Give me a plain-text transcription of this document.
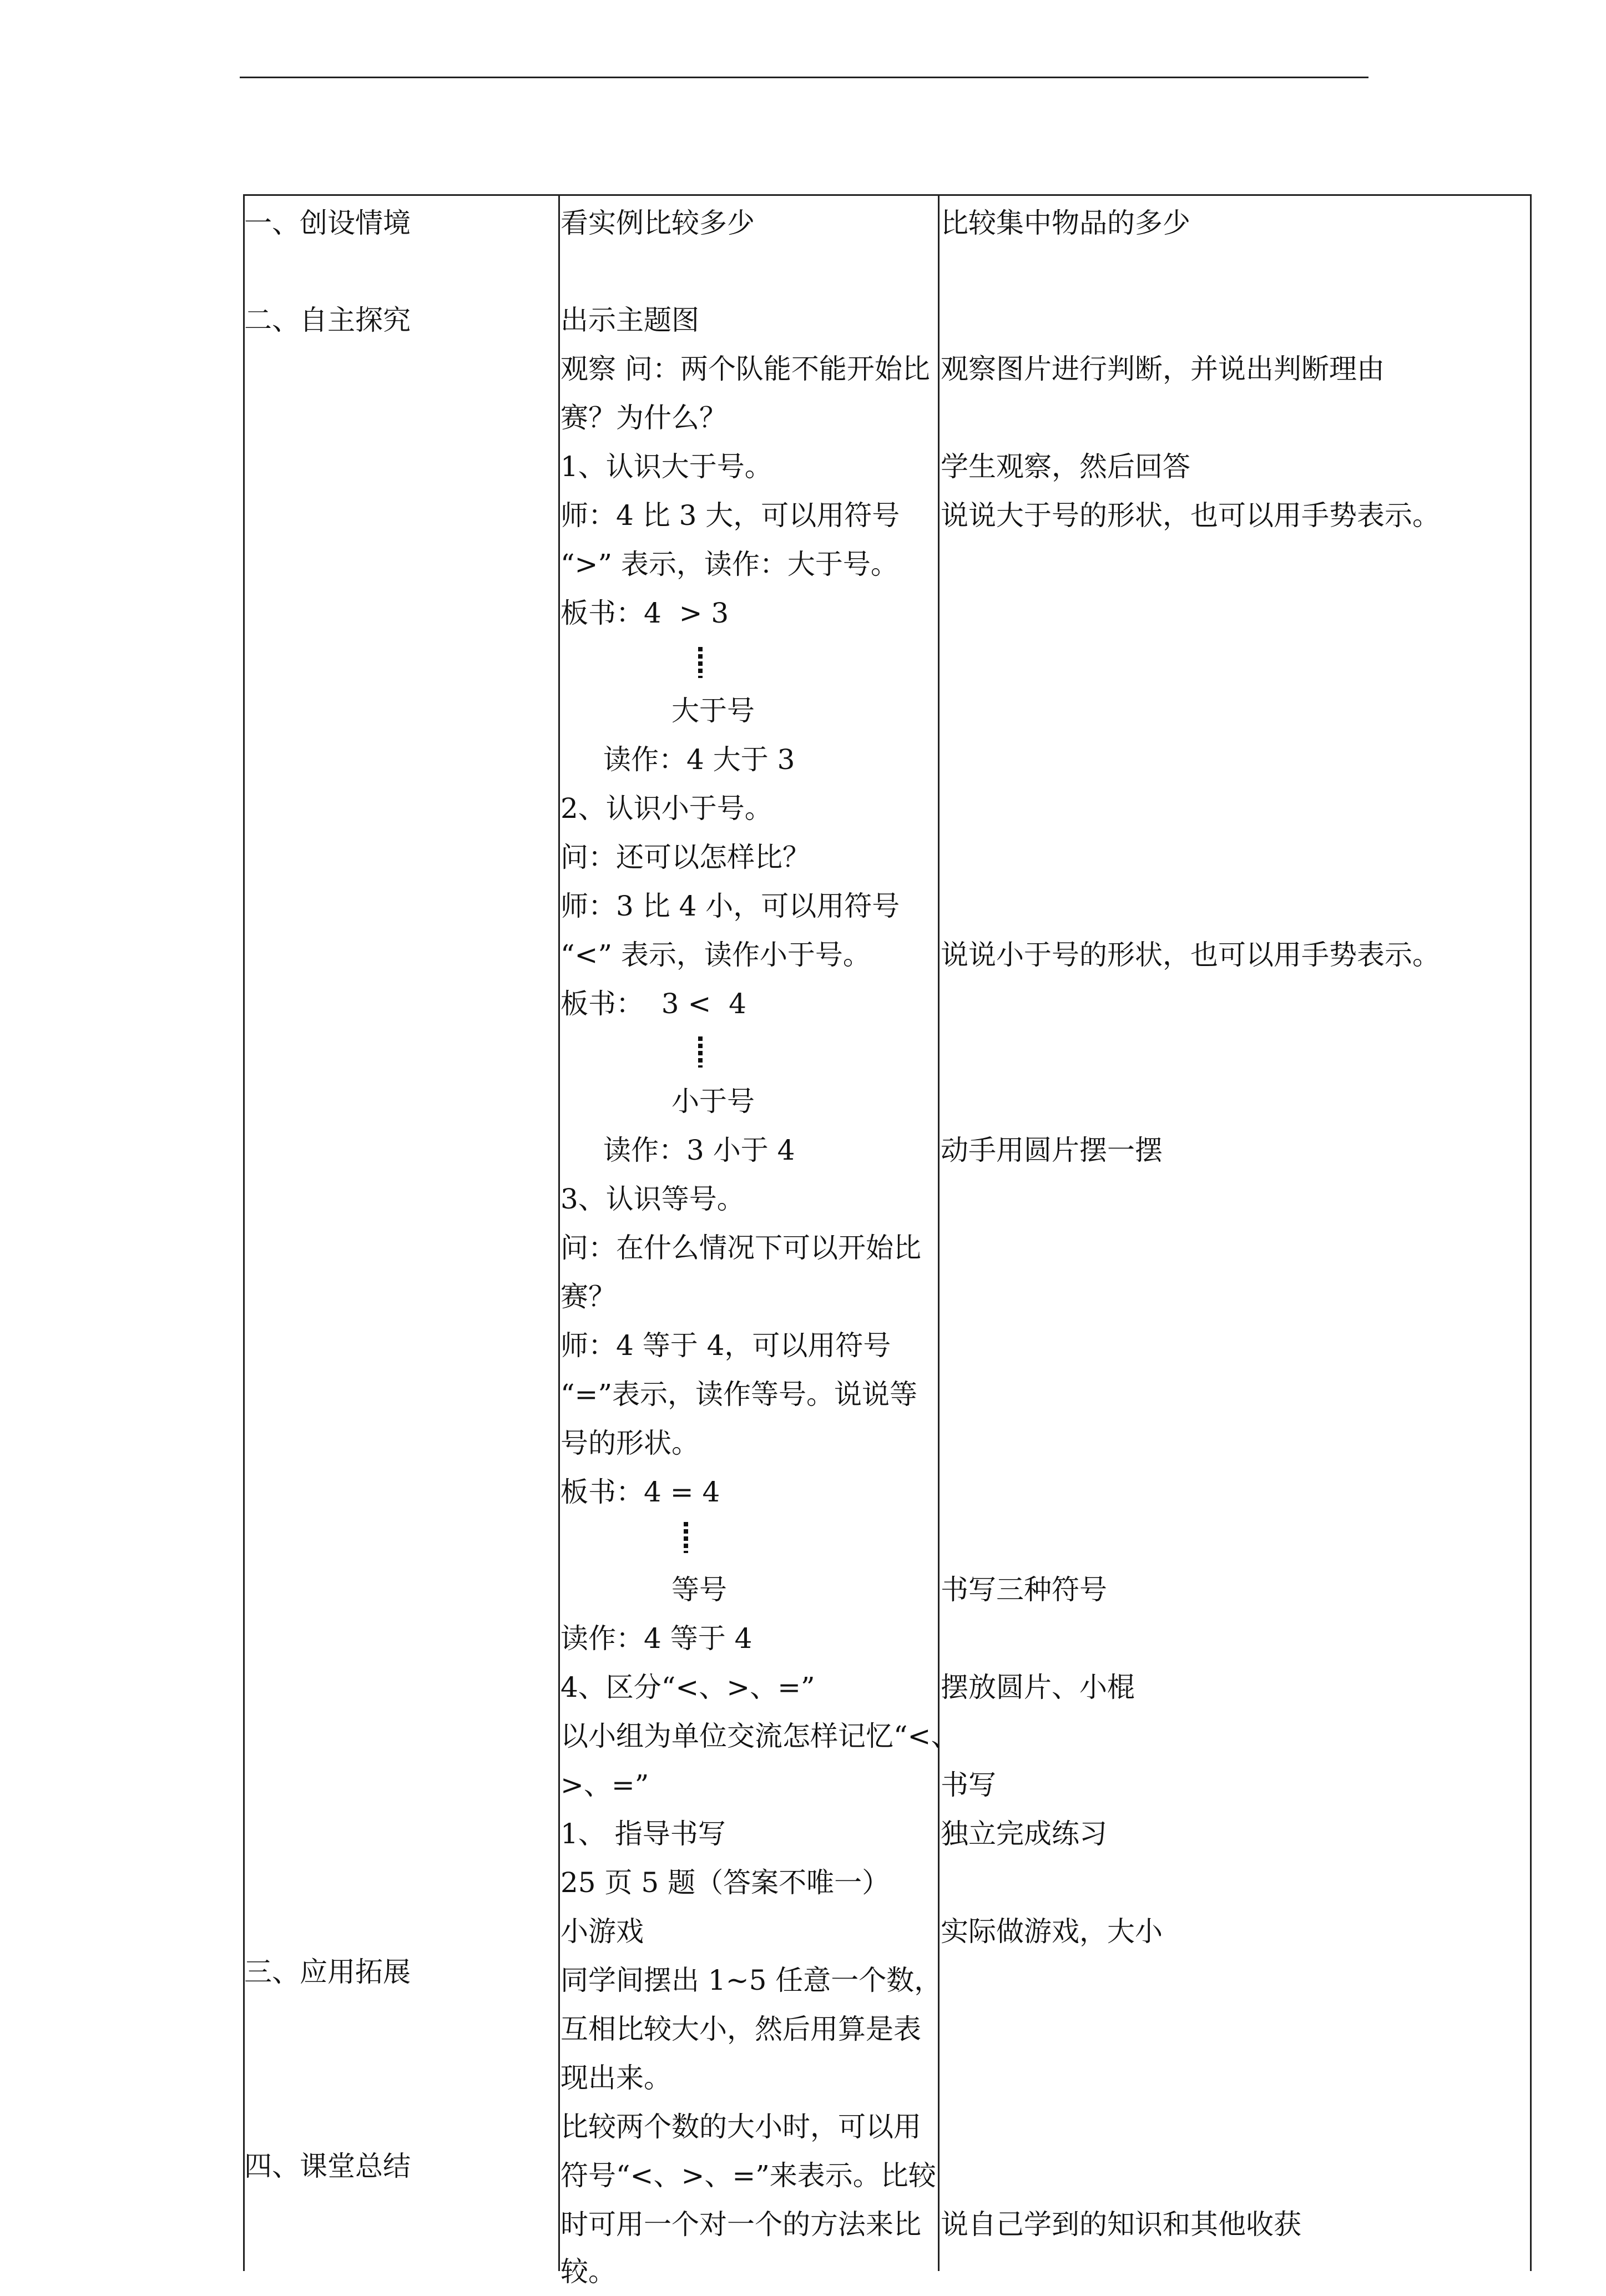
一、创设情境
二、自主探究
三、应用拓展
四、课堂总结
看实例比较多少
出示主题图
观察 问：两个队能不能开始比
赛？为什么？
1、认识大于号。
师：4 比 3 大，可以用符号
“>” 表示，读作：大于号。
板书：4  > 3
大于号
读作：4 大于 3
2、认识小于号。
问：还可以怎样比？
师：3 比 4 小，可以用符号
“<” 表示，读作小于号。
板书：  3 <  4
小于号
读作：3 小于 4
3、认识等号。
问：在什么情况下可以开始比
赛？
师：4 等于 4，可以用符号
“=”表示，读作等号。说说等
号的形状。
板书：4 = 4
等号
读作：4 等于 4
4、区分“<、>、=”
以小组为单位交流怎样记忆“<、
>、=”
1、 指导书写
25 页 5 题（答案不唯一）
小游戏
同学间摆出 1~5 任意一个数，
互相比较大小，然后用算是表
现出来。
比较两个数的大小时，可以用
符号“<、>、=”来表示。比较
时可用一个对一个的方法来比
较。
比较集中物品的多少
观察图片进行判断，并说出判断理由
学生观察，然后回答
说说大于号的形状，也可以用手势表示。
说说小于号的形状，也可以用手势表示。
动手用圆片摆一摆
书写三种符号
摆放圆片、小棍
书写
独立完成练习
实际做游戏，大小
说自己学到的知识和其他收获
